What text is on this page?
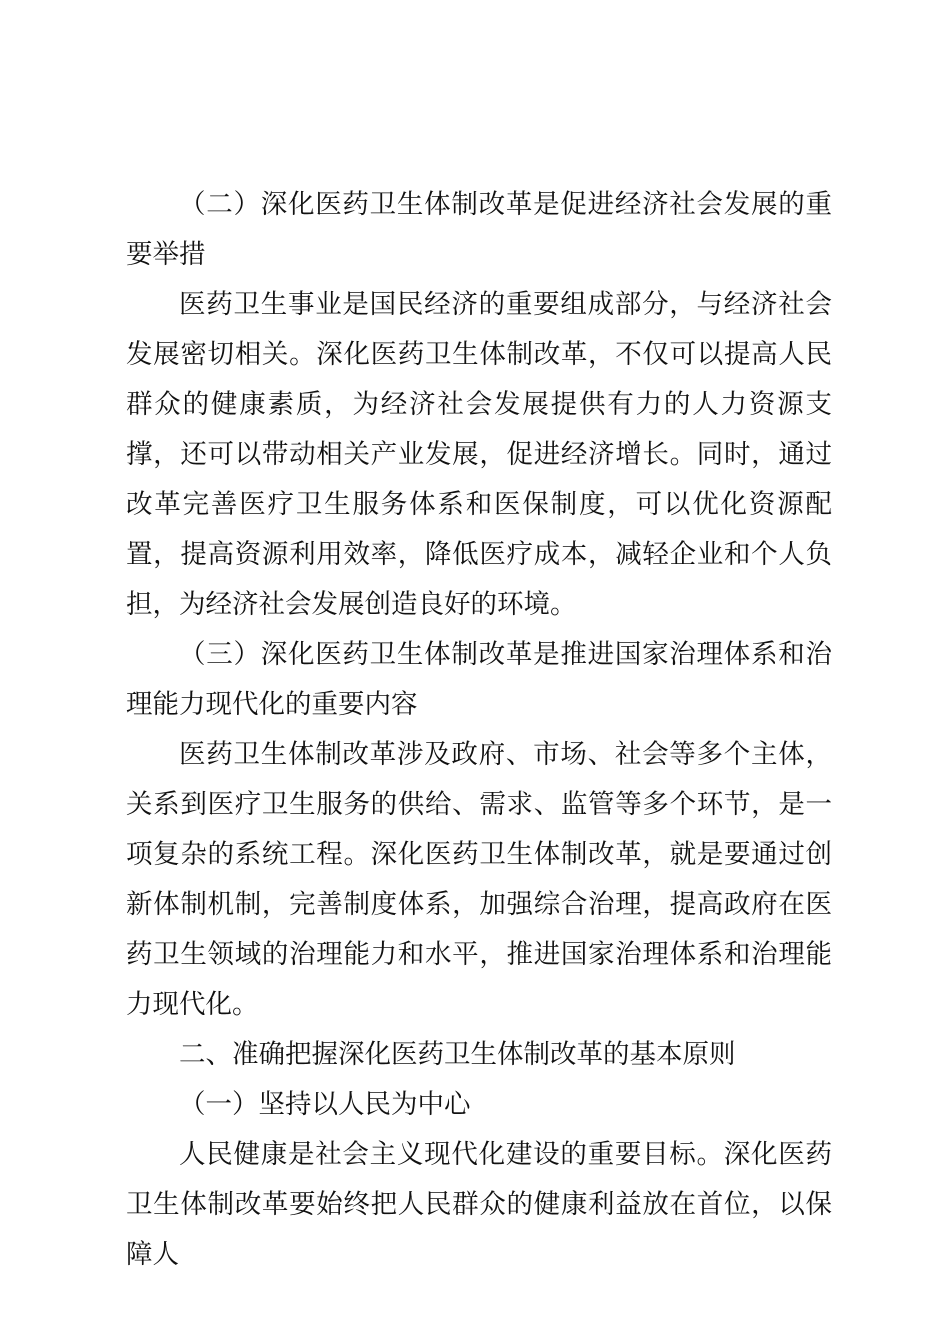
（二）深化医药卫生体制改革是促进经济社会发展的重要举措

医药卫生事业是国民经济的重要组成部分，与经济社会发展密切相关。深化医药卫生体制改革，不仅可以提高人民群众的健康素质，为经济社会发展提供有力的人力资源支撑，还可以带动相关产业发展，促进经济增长。同时，通过改革完善医疗卫生服务体系和医保制度，可以优化资源配置，提高资源利用效率，降低医疗成本，减轻企业和个人负担，为经济社会发展创造良好的环境。

（三）深化医药卫生体制改革是推进国家治理体系和治理能力现代化的重要内容

医药卫生体制改革涉及政府、市场、社会等多个主体，关系到医疗卫生服务的供给、需求、监管等多个环节，是一项复杂的系统工程。深化医药卫生体制改革，就是要通过创新体制机制，完善制度体系，加强综合治理，提高政府在医药卫生领域的治理能力和水平，推进国家治理体系和治理能力现代化。

二、准确把握深化医药卫生体制改革的基本原则

（一）坚持以人民为中心

人民健康是社会主义现代化建设的重要目标。深化医药卫生体制改革要始终把人民群众的健康利益放在首位，以保障人
